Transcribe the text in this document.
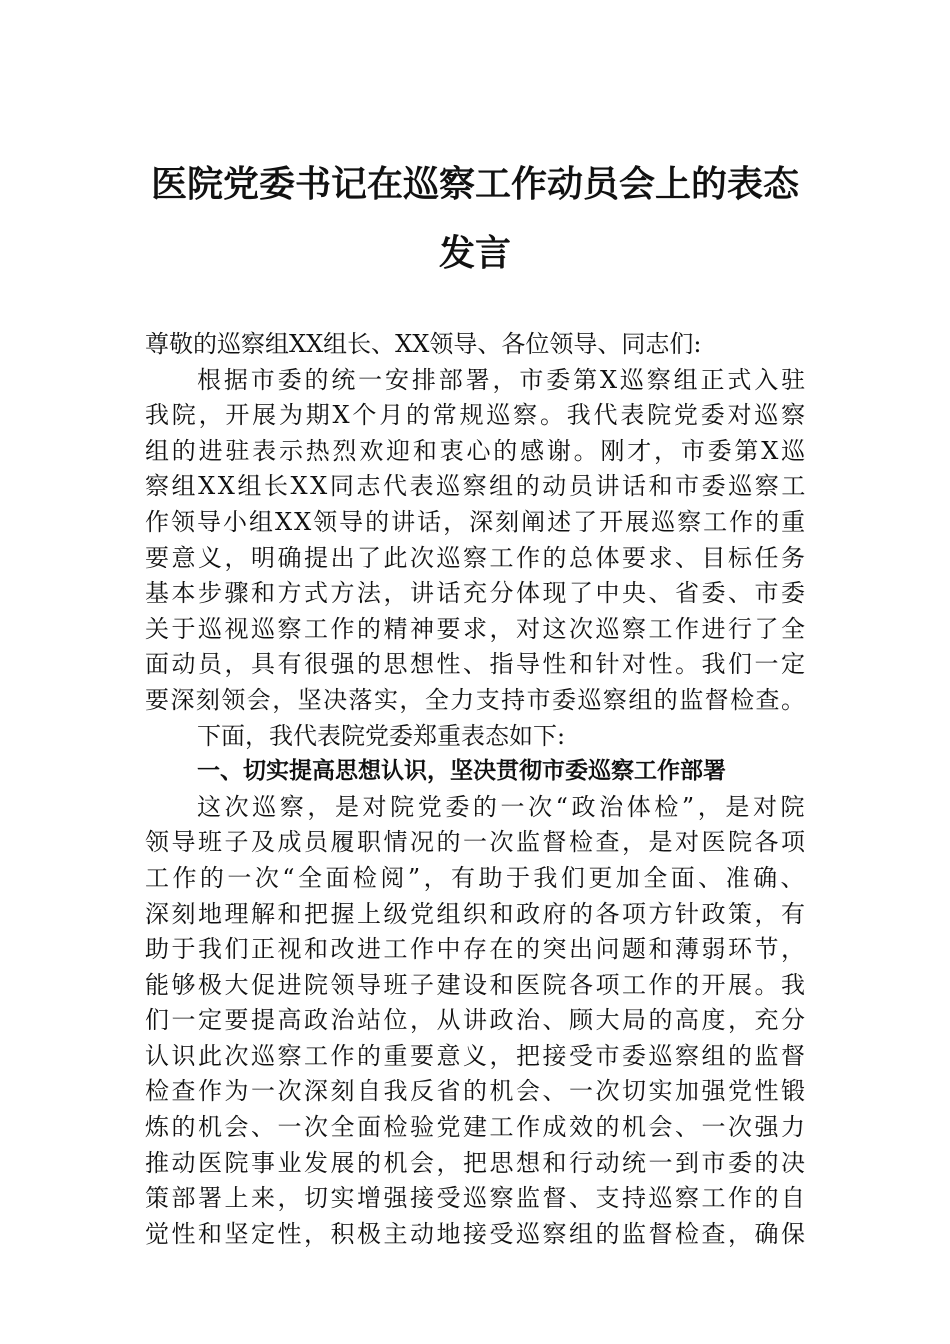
医院党委书记在巡察工作动员会上的表态
发言
尊敬的巡察组XX组长、XX领导、各位领导、同志们:
根据市委的统一安排部署，市委第X巡察组正式入驻
我院，开展为期X个月的常规巡察。我代表院党委对巡察
组的进驻表示热烈欢迎和衷心的感谢。刚才，市委第X巡
察组XX组长XX同志代表巡察组的动员讲话和市委巡察工
作领导小组XX领导的讲话，深刻阐述了开展巡察工作的重
要意义，明确提出了此次巡察工作的总体要求、目标任务
基本步骤和方式方法，讲话充分体现了中央、省委、市委
关于巡视巡察工作的精神要求，对这次巡察工作进行了全
面动员，具有很强的思想性、指导性和针对性。我们一定
要深刻领会，坚决落实，全力支持市委巡察组的监督检查。
下面，我代表院党委郑重表态如下:
一、切实提高思想认识，坚决贯彻市委巡察工作部署
这次巡察，是对院党委的一次“政治体检”，是对院
领导班子及成员履职情况的一次监督检查，是对医院各项
工作的一次“全面检阅”，有助于我们更加全面、准确、
深刻地理解和把握上级党组织和政府的各项方针政策，有
助于我们正视和改进工作中存在的突出问题和薄弱环节，
能够极大促进院领导班子建设和医院各项工作的开展。我
们一定要提高政治站位，从讲政治、顾大局的高度，充分
认识此次巡察工作的重要意义，把接受市委巡察组的监督
检查作为一次深刻自我反省的机会、一次切实加强党性锻
炼的机会、一次全面检验党建工作成效的机会、一次强力
推动医院事业发展的机会，把思想和行动统一到市委的决
策部署上来，切实增强接受巡察监督、支持巡察工作的自
觉性和坚定性，积极主动地接受巡察组的监督检查，确保
